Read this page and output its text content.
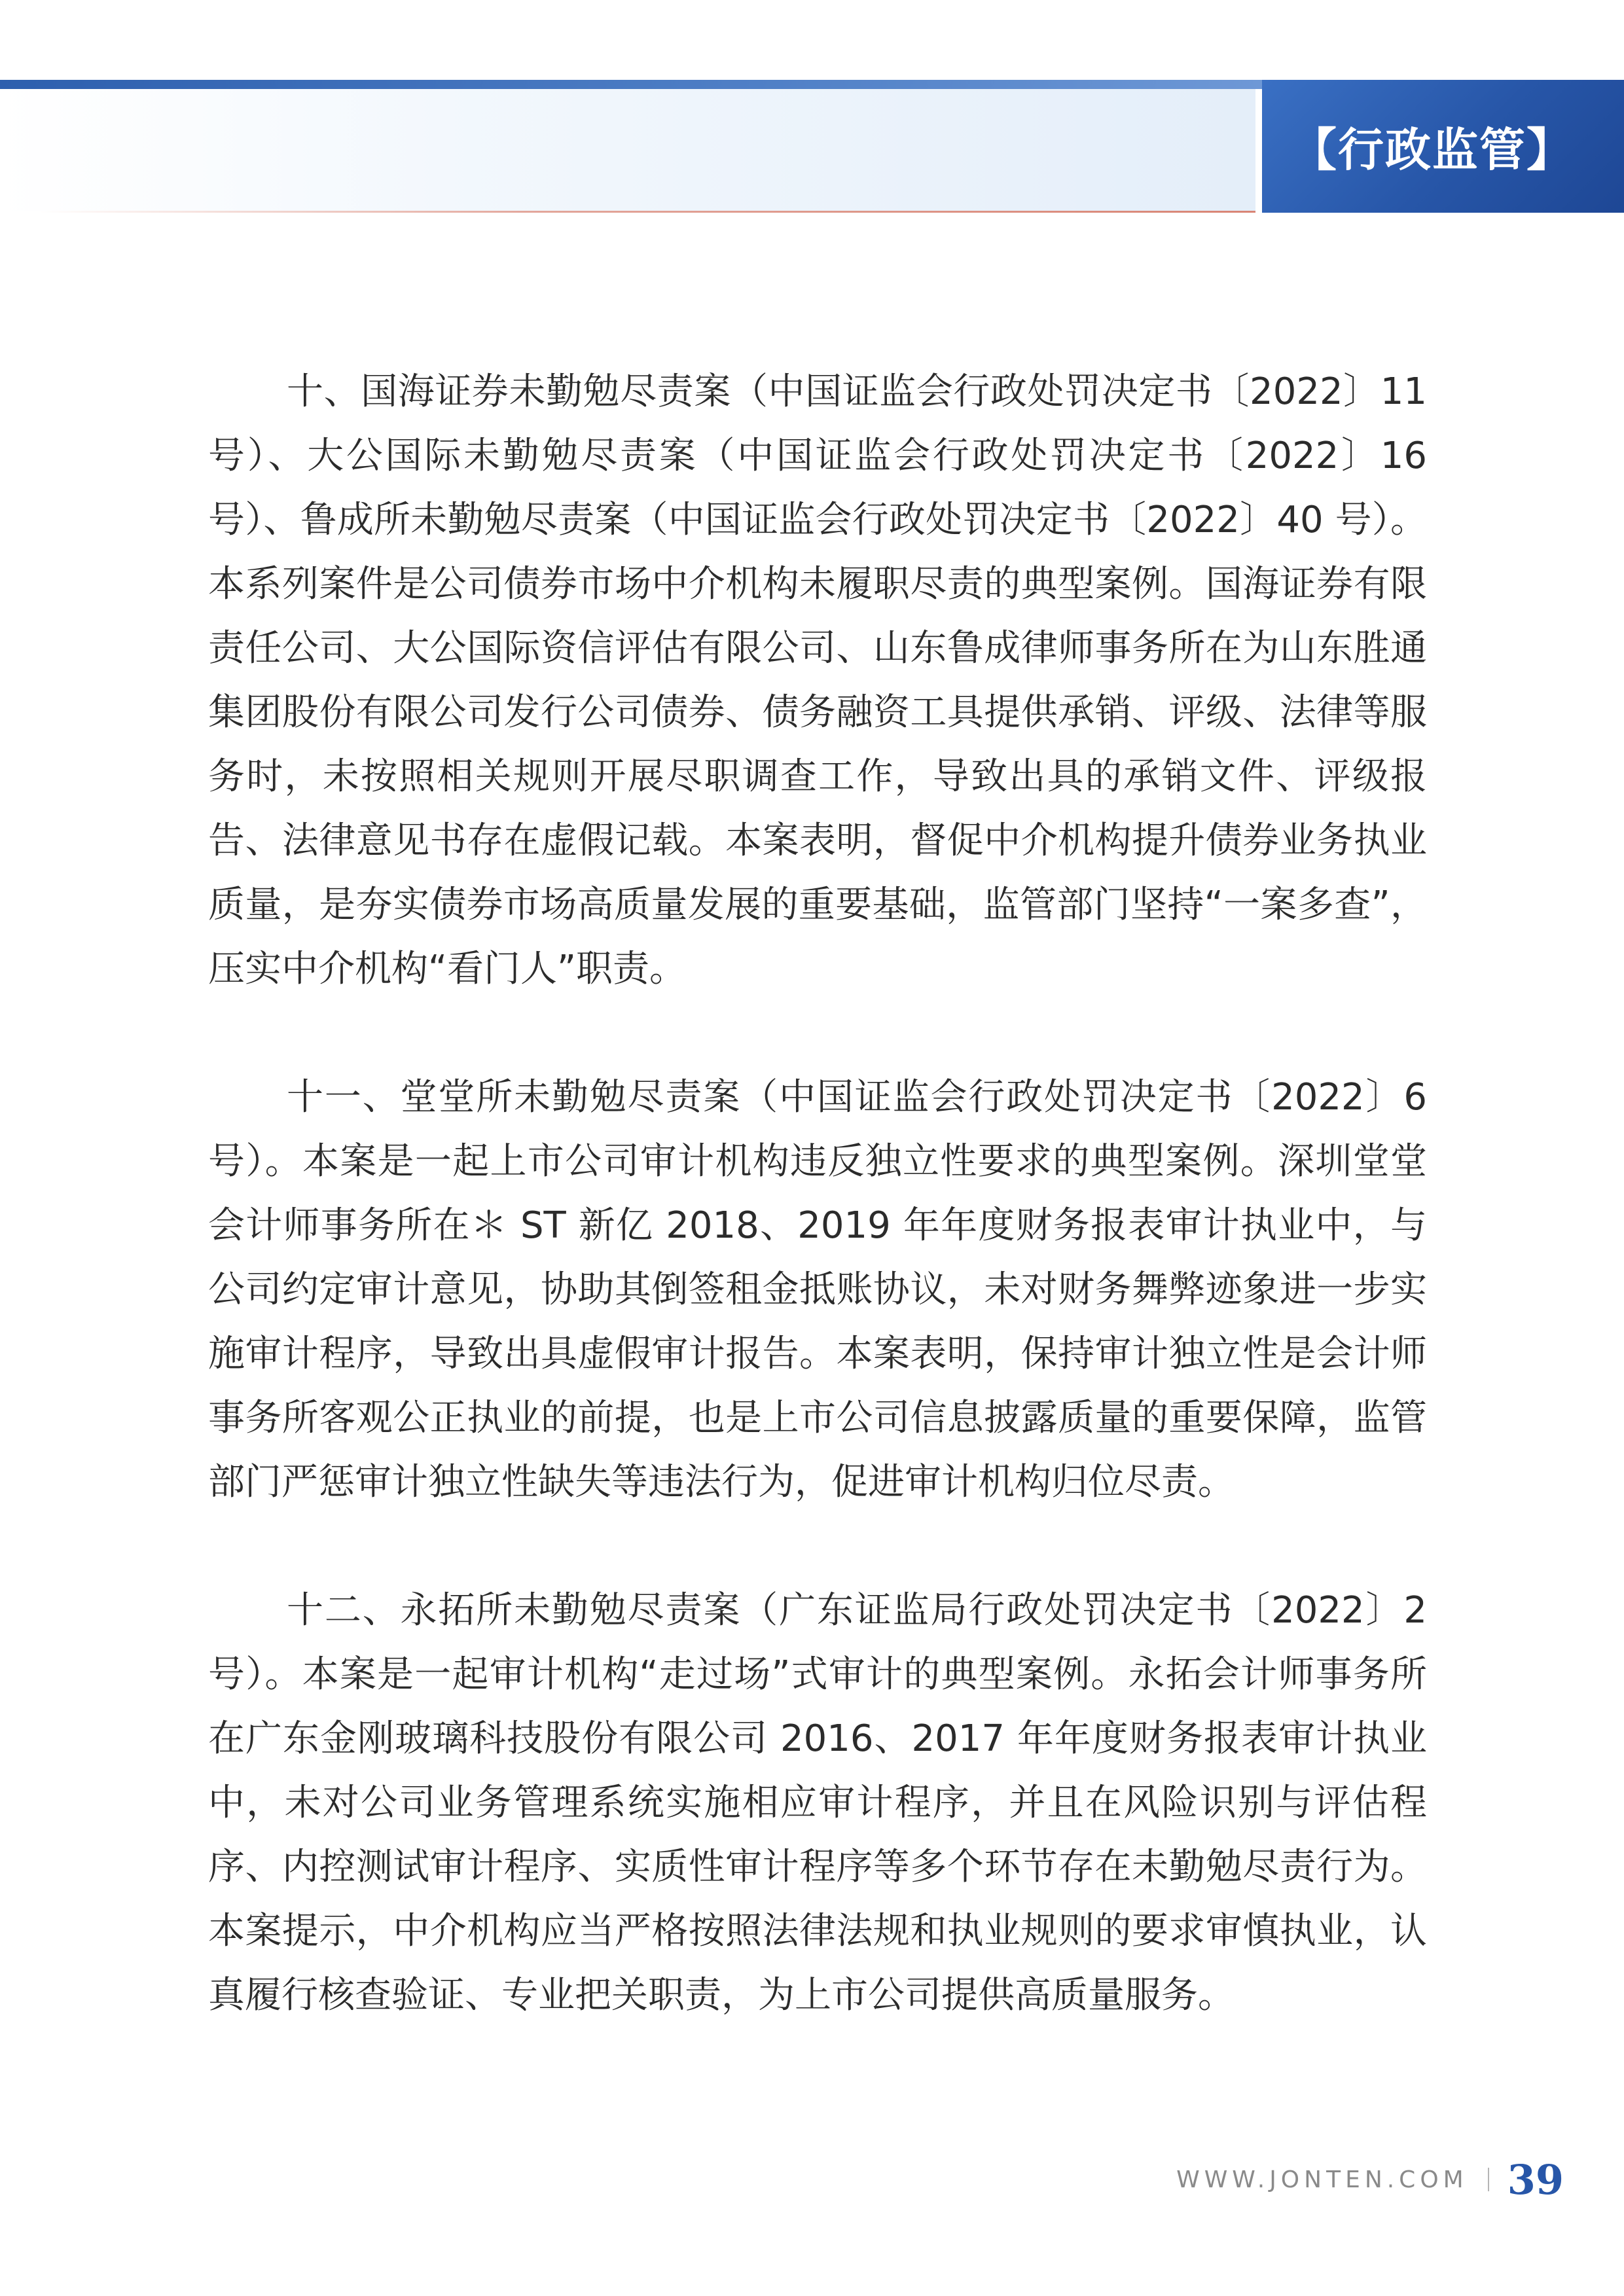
【行政监管】

十、国海证券未勤勉尽责案（中国证监会行政处罚决定书〔2022〕11 号）、大公国际未勤勉尽责案（中国证监会行政处罚决定书〔2022〕16 号）、鲁成所未勤勉尽责案（中国证监会行政处罚决定书〔2022〕40 号）。本系列案件是公司债券市场中介机构未履职尽责的典型案例。国海证券有限责任公司、大公国际资信评估有限公司、山东鲁成律师事务所在为山东胜通集团股份有限公司发行公司债券、债务融资工具提供承销、评级、法律等服务时，未按照相关规则开展尽职调查工作，导致出具的承销文件、评级报告、法律意见书存在虚假记载。本案表明，督促中介机构提升债券业务执业质量，是夯实债券市场高质量发展的重要基础，监管部门坚持“一案多查”，压实中介机构“看门人”职责。

十一、堂堂所未勤勉尽责案（中国证监会行政处罚决定书〔2022〕6 号）。本案是一起上市公司审计机构违反独立性要求的典型案例。深圳堂堂会计师事务所在＊ ST 新亿 2018、2019 年年度财务报表审计执业中，与公司约定审计意见，协助其倒签租金抵账协议，未对财务舞弊迹象进一步实施审计程序，导致出具虚假审计报告。本案表明，保持审计独立性是会计师事务所客观公正执业的前提，也是上市公司信息披露质量的重要保障，监管部门严惩审计独立性缺失等违法行为，促进审计机构归位尽责。

十二、永拓所未勤勉尽责案（广东证监局行政处罚决定书〔2022〕2 号）。本案是一起审计机构“走过场”式审计的典型案例。永拓会计师事务所在广东金刚玻璃科技股份有限公司 2016、2017 年年度财务报表审计执业中，未对公司业务管理系统实施相应审计程序，并且在风险识别与评估程序、内控测试审计程序、实质性审计程序等多个环节存在未勤勉尽责行为。本案提示，中介机构应当严格按照法律法规和执业规则的要求审慎执业，认真履行核查验证、专业把关职责，为上市公司提供高质量服务。

WWW.JONTEN.COM 39
